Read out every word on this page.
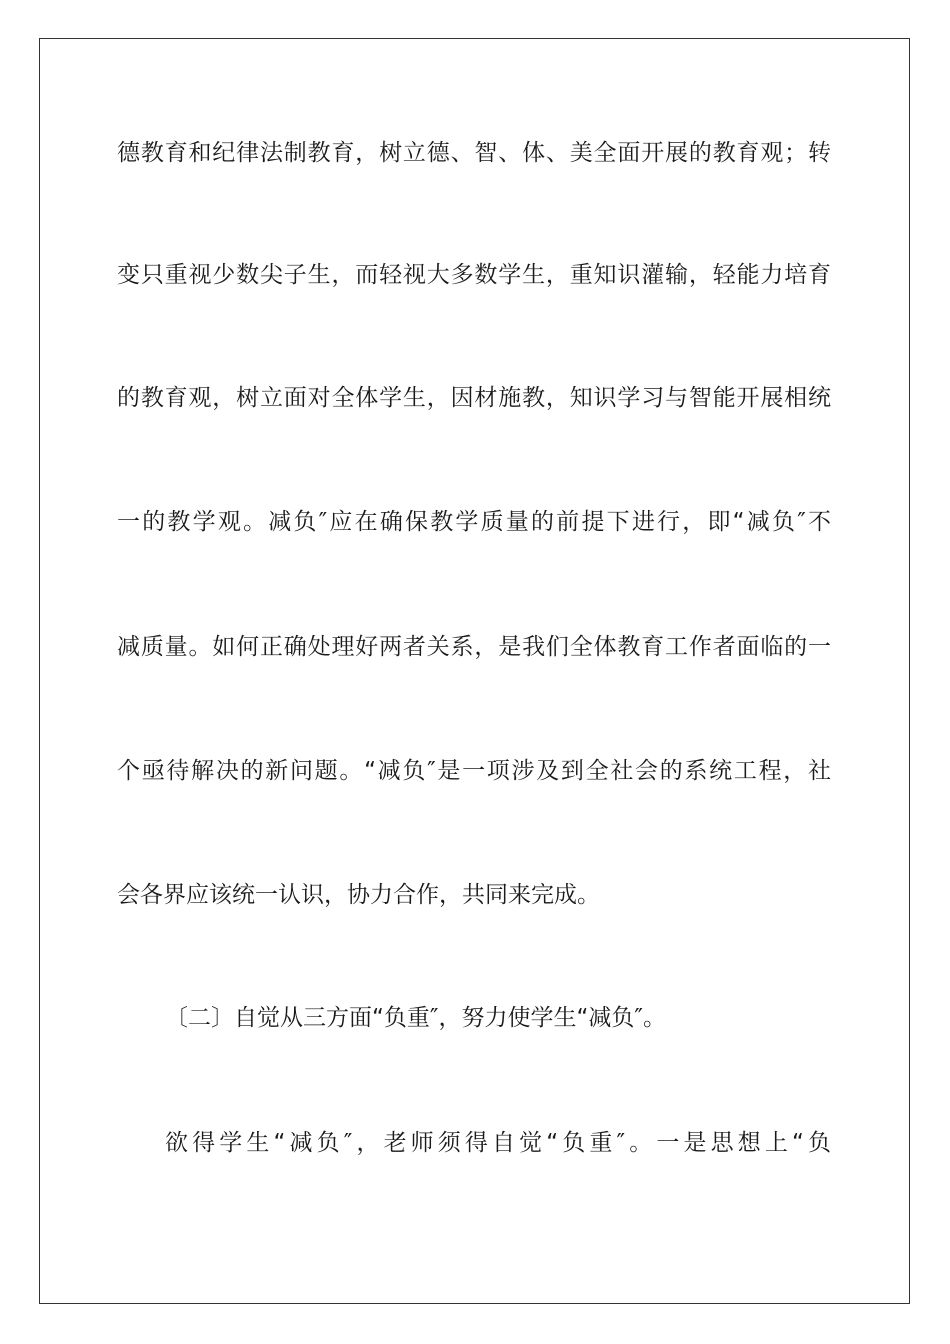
德教育和纪律法制教育，树立德、智、体、美全面开展的教育观；转
变只重视少数尖子生，而轻视大多数学生，重知识灌输，轻能力培育
的教育观，树立面对全体学生，因材施教，知识学习与智能开展相统
一的教学观。减负″应在确保教学质量的前提下进行，即“减负″不
减质量。如何正确处理好两者关系，是我们全体教育工作者面临的一
个亟待解决的新问题。“减负″是一项涉及到全社会的系统工程，社
会各界应该统一认识，协力合作，共同来完成。
〔二〕自觉从三方面“负重″，努力使学生“减负″。
欲得学生“减负″，老师须得自觉“负重″。一是思想上“负
